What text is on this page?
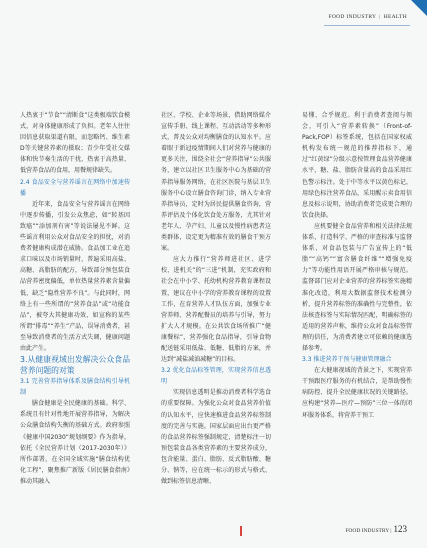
FOOD INDUSTRY | HEALTH

人热衷于“节食”“清断食”这类极端饮食模式，对身体健康形成了负担。老年人往往因信息获取渠道有限，而忽略钙、维生素D等关键营养素的摄取；青少年受社交媒体和快节奏生活的干扰，热衷于高热量、低营养食品的食用，用餐规律缺失。

2.4 食品安全与营养谣言在网络中加速传播

近年来，食品安全与营养谣言在网络中逐步传播，引发公众焦虑，如“转基因致癌”“添加剂有害”等说法屡见不鲜。这些谣言利用公众对食品安全的担忧，对消费者健康构成潜在威胁。食品加工业在追求口味以及市场销量时，普遍采用高盐、高糖、高脂肪的配方，导致部分预包装食品营养密度偏低，单位热量营养素含量偏低，缺乏“隐性营养不良”。与此同时，网络上有一些所谓的“营养食品”或“功能食品”，被夸大其健康功效，如宣称的某些所谓“排毒”“养生”产品，误导消费者，甚至导致消费者的生活方式失调，健康问题由此产生。

3.从健康视域出发解决公众食品营养问题的对策

3.1 完善营养指导体系及膳食结构引导机制

膳食健康是全民健康的基础。科学、系统且有针对性地开展营养指导，为解决公众膳食结构失衡的基础方式。政府参照《健康中国2030”规划纲要》作为指导，依托《全民营养计划（2017-2030年）》所作部署，在全国全域实施“膳食结构优化工程”，聚焦推广新版《居民膳食指南》推动其融入

社区、学校、企业等场景，借助网络媒介宣传手册、线上课程、互动活动等多种形式，普及公众对均衡膳食的认知水平。应着眼于新冠疫情期间人们对营养与健康的更多关注，围绕全社会“营养指导”公共服务，建立以社区卫生服务中心为基础的营养指导服务网络，在社区医院与基层卫生服务中心设立膳食咨询门诊，纳入专业营养指导员，定时为居民提供膳食咨询，营养评估及个体化饮食处方服务，尤其针对老年人、孕产妇、儿童以及慢性病患者这类群体，设定更为精准有效的膳食干预方案。

应大力推行“营养师进社区、进学校、进机关”的“三进”机制，充实政府和社会在中小学、托幼机构营养教育课程设置，建议在中小学的营养教育课程的设置工作，在育营养人才队伍方面，加强专业营养师、营养配餐员的培养与引导，努力扩大人才规模。在公共饮食场所推广“健康餐标”，营养强化食品指导，引导食物配送链采用低盐、低糖、低脂的方案，并达到“减盐减油减糖”的目标。

3.2 优化食品标签管理，实现营养信息透明

实现信息透明是推动消费者科学选食的重要保障。为强化公众对食品营养价值的认知水平，应快速推进食品营养标签制度的完善与实施。国家层面应出台更严格的食品营养标签强制规定，清楚标注一切预包装食品各类营养素的主要营养成分，包含能量、蛋白、脂肪、反式脂肪酸、糖分、钠等，应在统一标示的形式与格式、做到标签信息清晰、

易懂、合乎规范。利于消费者查阅与领会，可引入“营养素转换”（Front-of-Pack,FOP）标签系统，包括在国家权威机构发布统一规范的推荐指标下，通过“红黄绿”分级示意按管理食品营养健康水平，糖、盐、脂肪含量高的食品采用红色警示标注。处于中等水平以黄色标记，用绿色标注营养食品，采用醒示卖食用信息及标示说明，协助消费者完成更合理的饮食抉择。

应机要健全食品营养和相关法律法规体系，打造科学、严格的审查标准与监督体系，对食品包装与广告宣传上的“低脂”“高钙”“富含膳食纤维”“增强免疫力”等功能性用语开展严格审核与规范。监督部门应对企业营养的营养标签实施精准化改造，利用大数据监督技术检测分析，提升营养标签的准确性与完整性，依法核查标签与实际情况匹配，明确标签的适用的营养声称，维持公众对食品标签管理的信任，为消费者建立可依赖的健康选择参考。

3.3 推进营养干预与健康管理融合

在大健康视域的背景之下，实现营养干预跟医疗服务的有机结合，是帮助慢性病防控、提升全民健康状况的关键路径。应构建“营养—医疗—预防”三位一体的闭环服务体系，将营养干预工

FOOD INDUSTRY | 123
